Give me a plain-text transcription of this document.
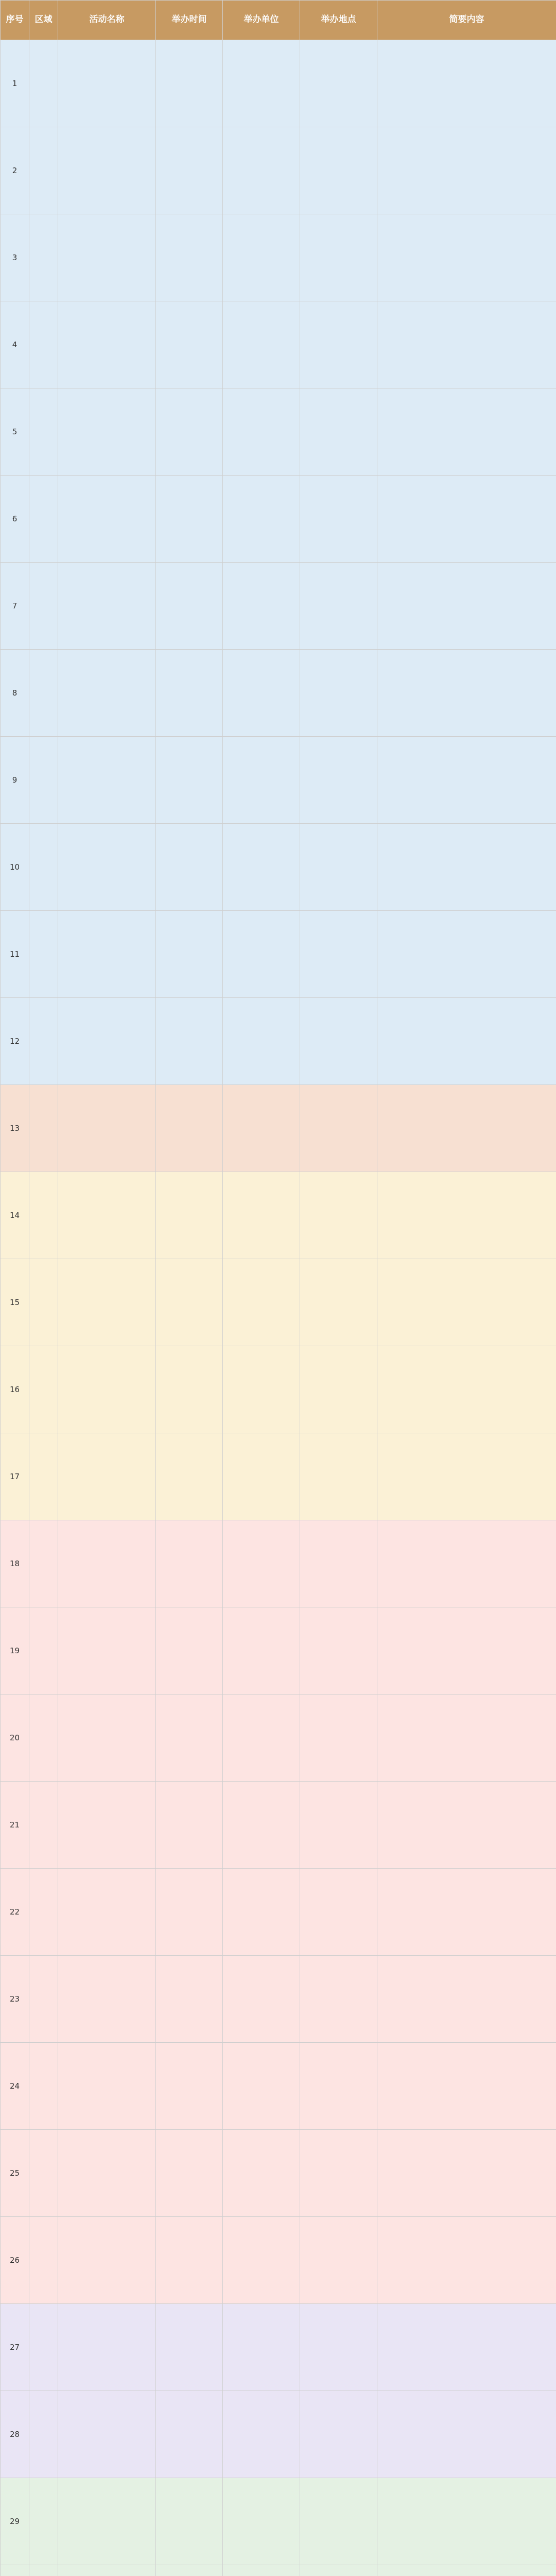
序号	区域	活动名称	举办时间	举办单位	举办地点	简要内容
1						
2						
3						
4						
5						
6						
7						
8						
9						
10						
11						
12						
13						
14						
15						
16						
17						
18						
19						
20						
21						
22						
23						
24						
25						
26						
27						
28						
29						
